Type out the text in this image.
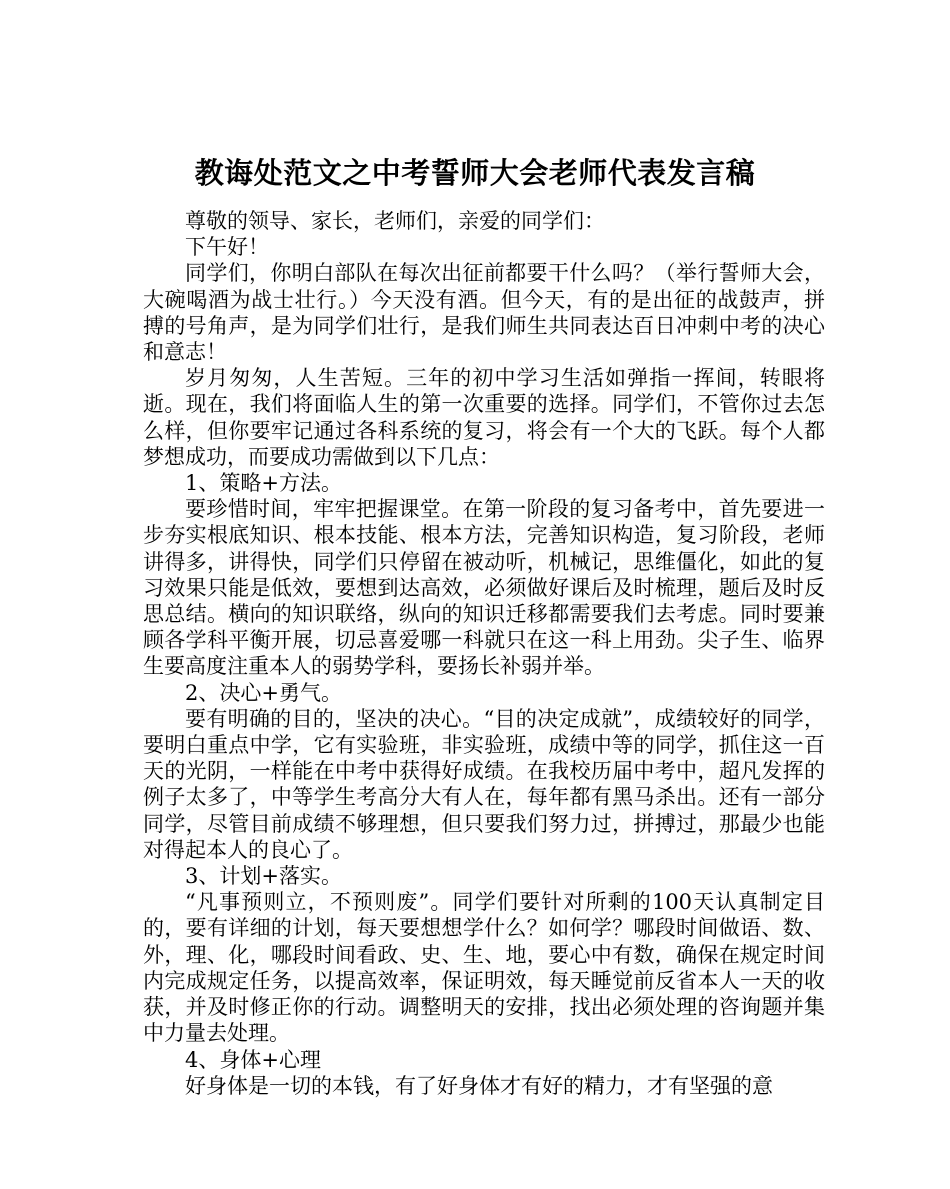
教诲处范文之中考誓师大会老师代表发言稿

尊敬的领导、家长，老师们，亲爱的同学们：

下午好！

同学们，你明白部队在每次出征前都要干什么吗？（举行誓师大会，大碗喝酒为战士壮行。）今天没有酒。但今天，有的是出征的战鼓声，拼搏的号角声，是为同学们壮行，是我们师生共同表达百日冲刺中考的决心和意志！

岁月匆匆，人生苦短。三年的初中学习生活如弹指一挥间，转眼将逝。现在，我们将面临人生的第一次重要的选择。同学们，不管你过去怎么样，但你要牢记通过各科系统的复习，将会有一个大的飞跃。每个人都梦想成功，而要成功需做到以下几点：

1、策略+方法。

要珍惜时间，牢牢把握课堂。在第一阶段的复习备考中，首先要进一步夯实根底知识、根本技能、根本方法，完善知识构造，复习阶段，老师讲得多，讲得快，同学们只停留在被动听，机械记，思维僵化，如此的复习效果只能是低效，要想到达高效，必须做好课后及时梳理，题后及时反思总结。横向的知识联络，纵向的知识迁移都需要我们去考虑。同时要兼顾各学科平衡开展，切忌喜爱哪一科就只在这一科上用劲。尖子生、临界生要高度注重本人的弱势学科，要扬长补弱并举。

2、决心+勇气。

要有明确的目的，坚决的决心。“目的决定成就”，成绩较好的同学，要明白重点中学，它有实验班，非实验班，成绩中等的同学，抓住这一百天的光阴，一样能在中考中获得好成绩。在我校历届中考中，超凡发挥的例子太多了，中等学生考高分大有人在，每年都有黑马杀出。还有一部分同学，尽管目前成绩不够理想，但只要我们努力过，拼搏过，那最少也能对得起本人的良心了。

3、计划+落实。

“凡事预则立，不预则废”。同学们要针对所剩的100天认真制定目的，要有详细的计划，每天要想想学什么？如何学？哪段时间做语、数、外，理、化，哪段时间看政、史、生、地，要心中有数，确保在规定时间内完成规定任务，以提高效率，保证明效，每天睡觉前反省本人一天的收获，并及时修正你的行动。调整明天的安排，找出必须处理的咨询题并集中力量去处理。

4、身体+心理

好身体是一切的本钱，有了好身体才有好的精力，才有坚强的意
